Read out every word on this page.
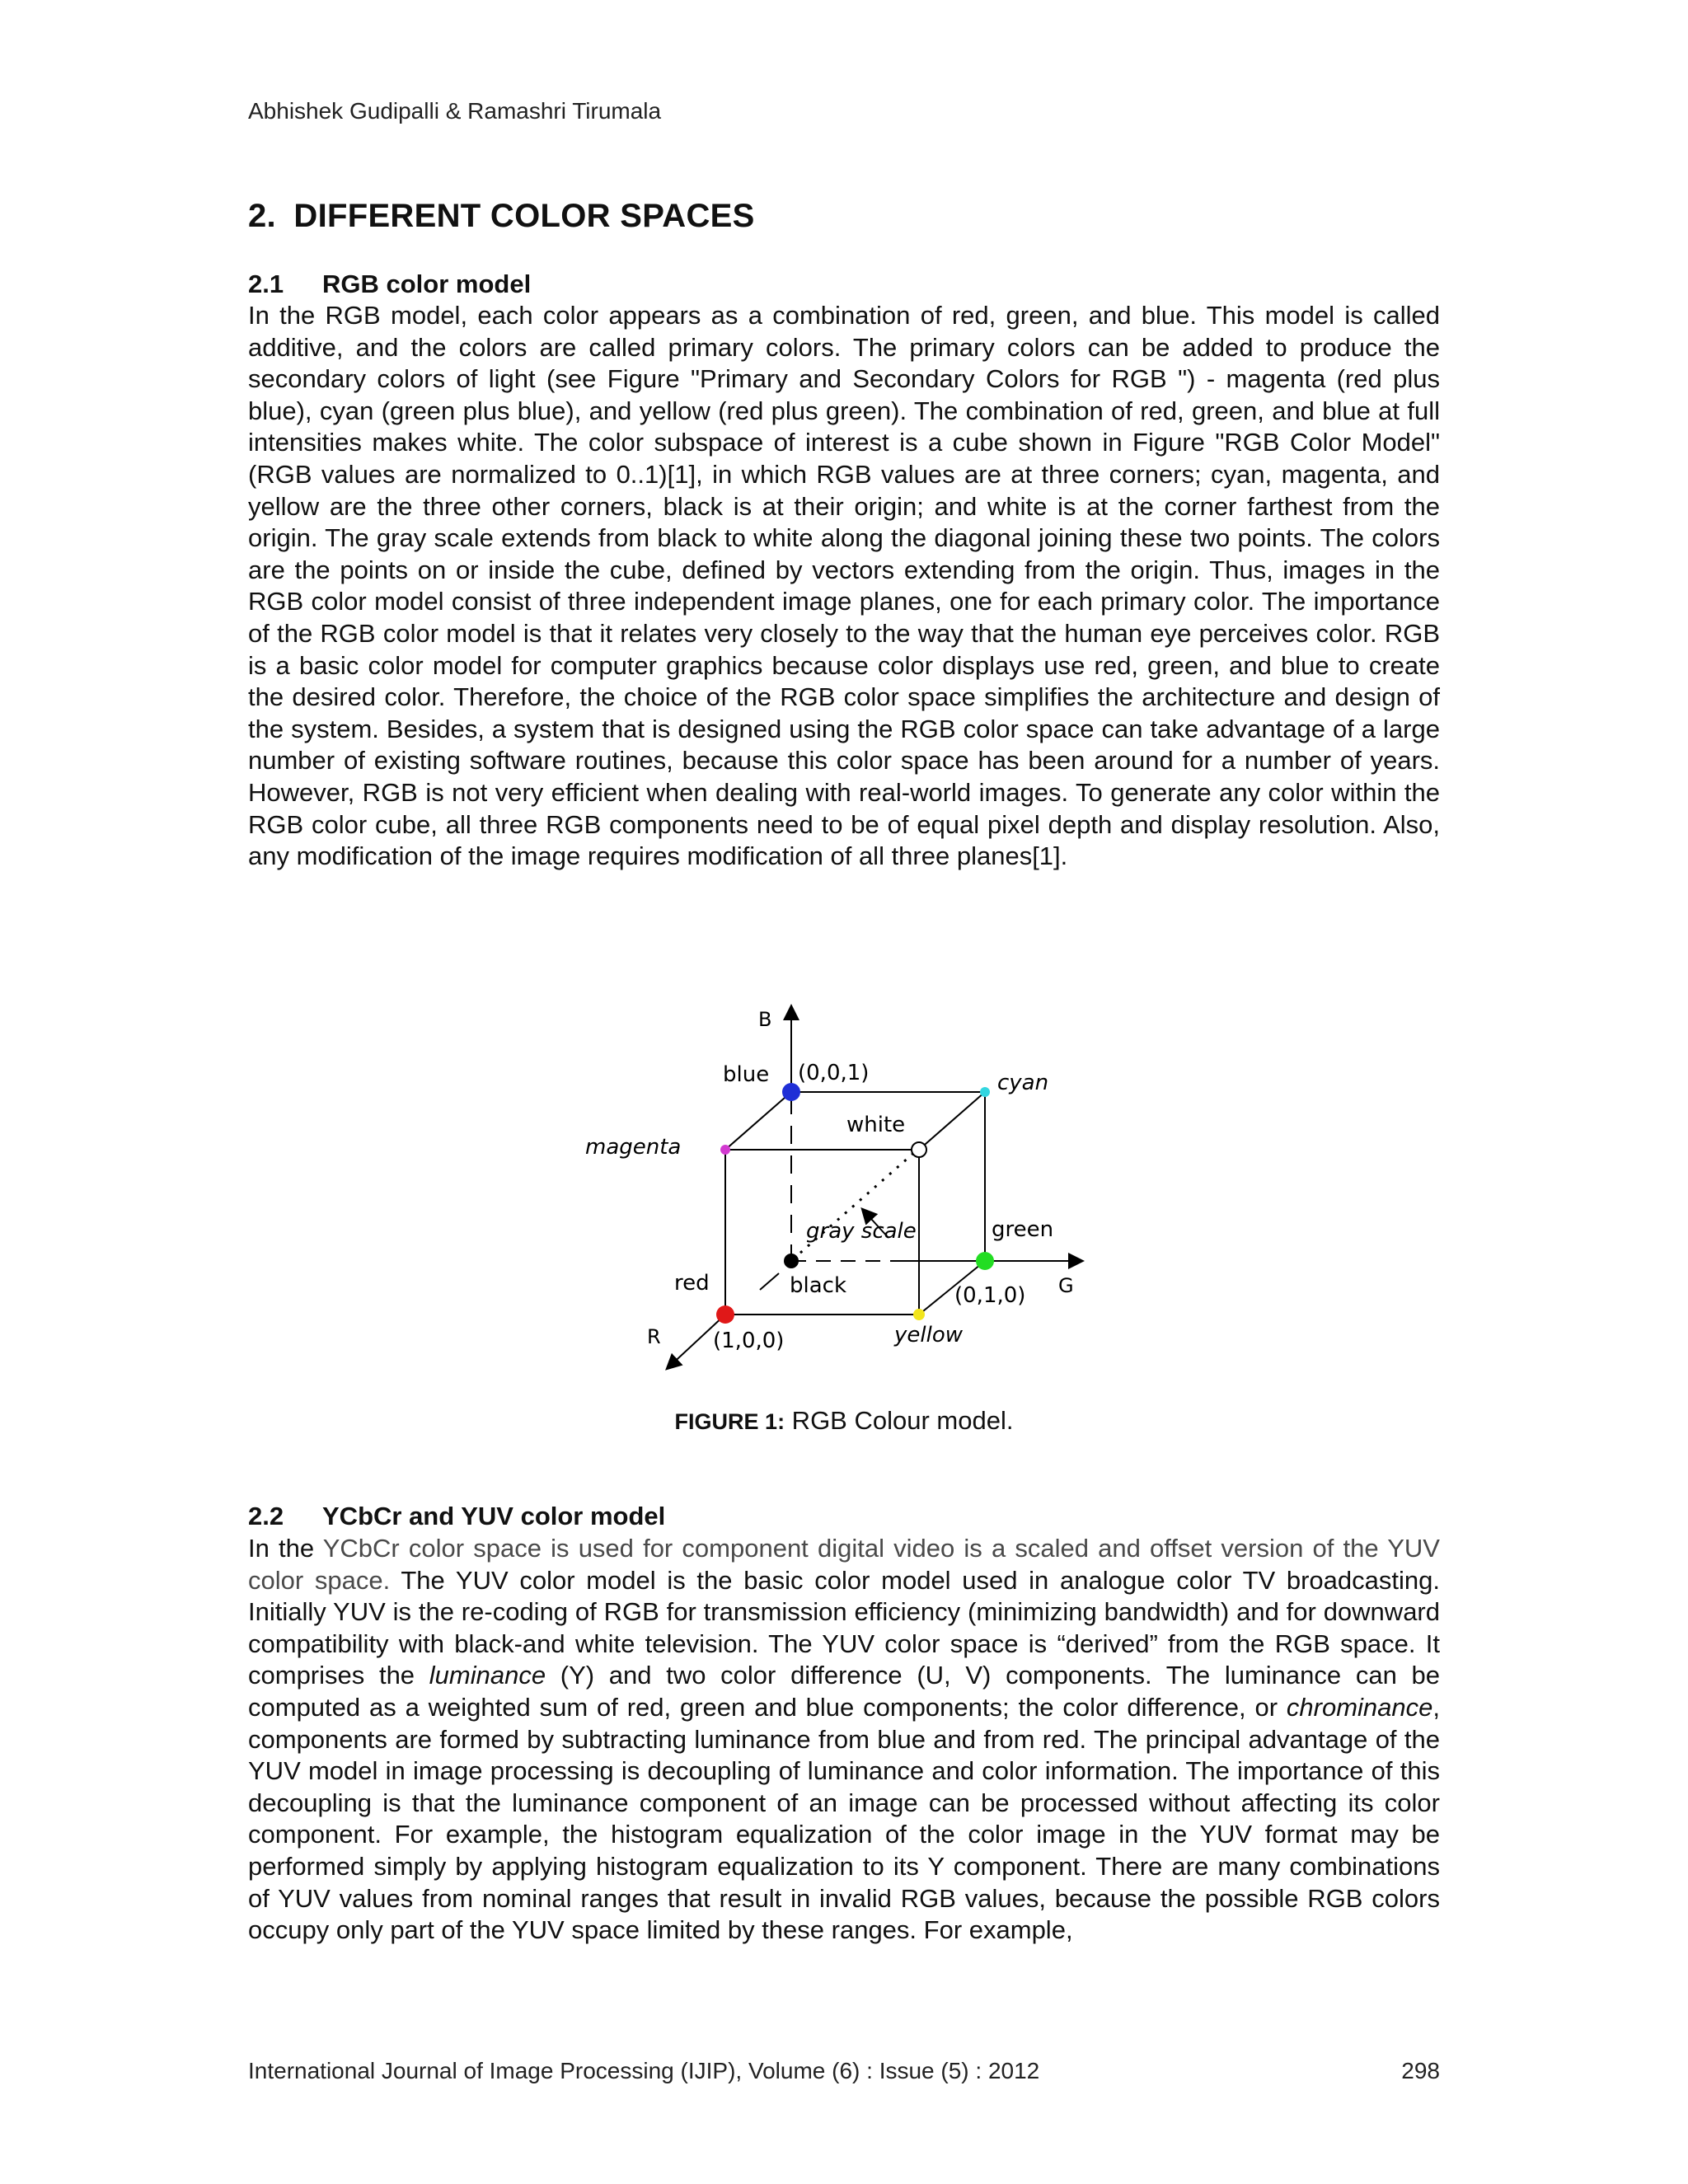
Abhishek Gudipalli & Ramashri Tirumala
2. DIFFERENT COLOR SPACES
2.1 RGB color model
In the RGB model, each color appears as a combination of red, green, and blue. This model is called additive, and the colors are called primary colors. The primary colors can be added to produce the secondary colors of light (see Figure "Primary and Secondary Colors for RGB ") - magenta (red plus blue), cyan (green plus blue), and yellow (red plus green). The combination of red, green, and blue at full intensities makes white. The color subspace of interest is a cube shown in Figure "RGB Color Model" (RGB values are normalized to 0..1)[1], in which RGB values are at three corners; cyan, magenta, and yellow are the three other corners, black is at their origin; and white is at the corner farthest from the origin. The gray scale extends from black to white along the diagonal joining these two points. The colors are the points on or inside the cube, defined by vectors extending from the origin. Thus, images in the RGB color model consist of three independent image planes, one for each primary color. The importance of the RGB color model is that it relates very closely to the way that the human eye perceives color. RGB is a basic color model for computer graphics because color displays use red, green, and blue to create the desired color. Therefore, the choice of the RGB color space simplifies the architecture and design of the system. Besides, a system that is designed using the RGB color space can take advantage of a large number of existing software routines, because this color space has been around for a number of years. However, RGB is not very efficient when dealing with real-world images. To generate any color within the RGB color cube, all three RGB components need to be of equal pixel depth and display resolution. Also, any modification of the image requires modification of all three planes[1].
B
blue (0,0,1)	cyan
white
magenta
gray scale	green
red	black	(0,1,0) G
R (1,0,0)	yellow
FIGURE 1: RGB Colour model.
2.2 YCbCr and YUV color model
In the YCbCr color space is used for component digital video is a scaled and offset version of the YUV color space. The YUV color model is the basic color model used in analogue color TV broadcasting. Initially YUV is the re-coding of RGB for transmission efficiency (minimizing bandwidth) and for downward compatibility with black-and white television. The YUV color space is “derived” from the RGB space. It comprises the luminance (Y) and two color difference (U, V) components. The luminance can be computed as a weighted sum of red, green and blue components; the color difference, or chrominance, components are formed by subtracting luminance from blue and from red. The principal advantage of the YUV model in image processing is decoupling of luminance and color information. The importance of this decoupling is that the luminance component of an image can be processed without affecting its color component. For example, the histogram equalization of the color image in the YUV format may be performed simply by applying histogram equalization to its Y component. There are many combinations of YUV values from nominal ranges that result in invalid RGB values, because the possible RGB colors occupy only part of the YUV space limited by these ranges. For example,
International Journal of Image Processing (IJIP), Volume (6) : Issue (5) : 2012	298
